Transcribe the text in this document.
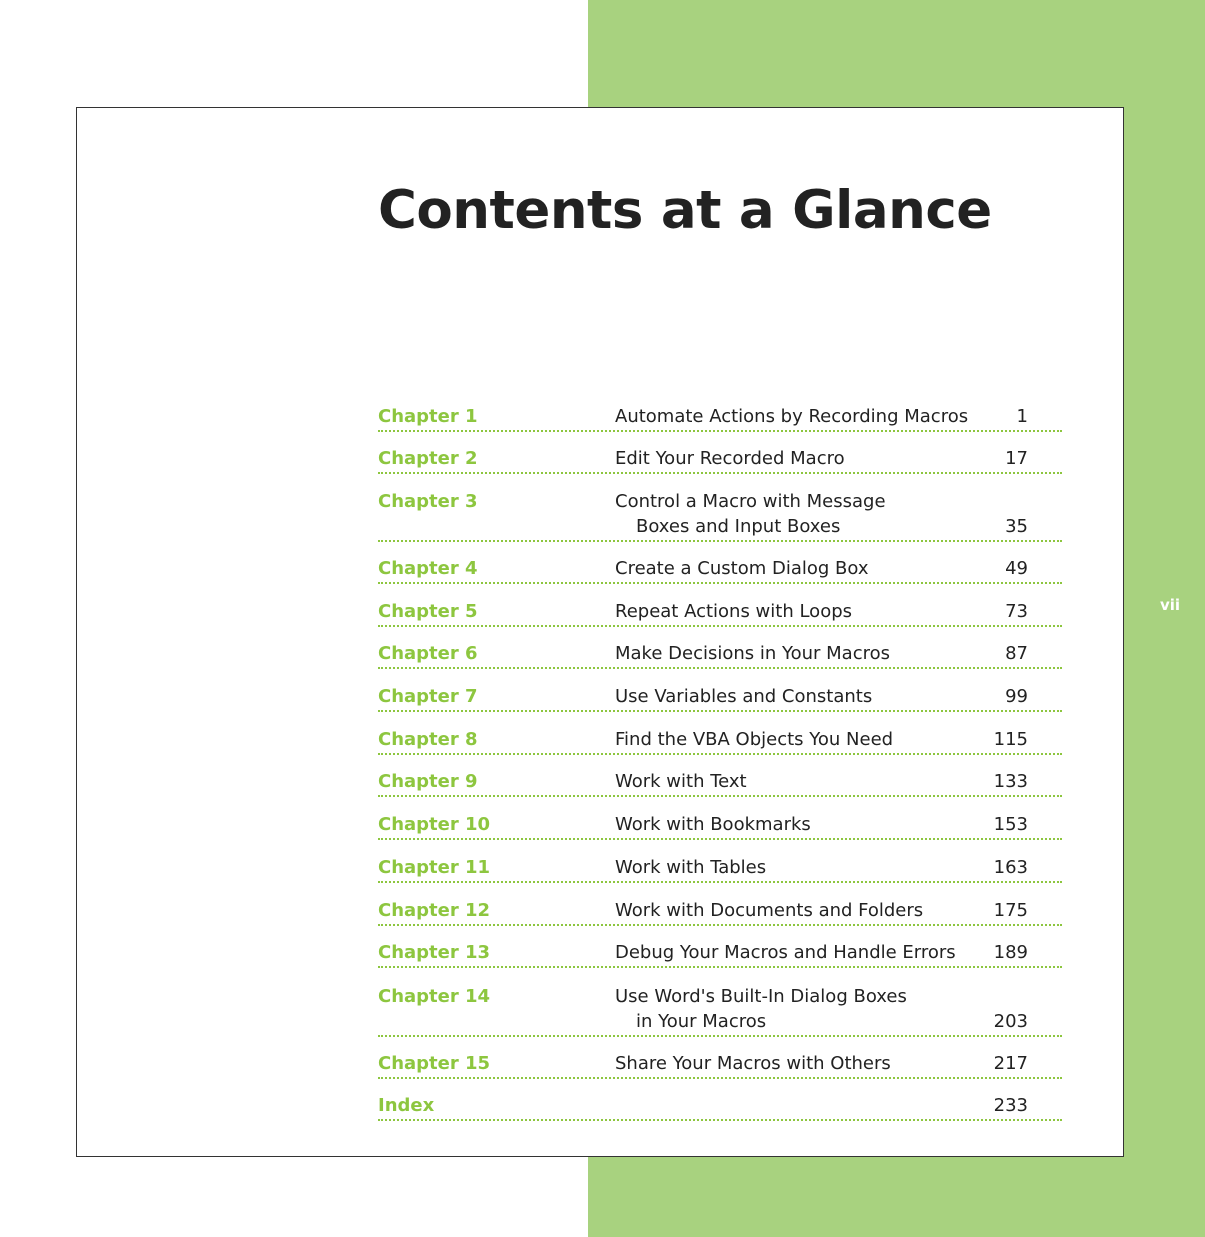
Contents at a Glance
vii
Chapter 1	Automate Actions by Recording Macros	1
Chapter 2	Edit Your Recorded Macro	17
Chapter 3	Control a Macro with Message
Boxes and Input Boxes	35
Chapter 4	Create a Custom Dialog Box	49
Chapter 5	Repeat Actions with Loops	73
Chapter 6	Make Decisions in Your Macros	87
Chapter 7	Use Variables and Constants	99
Chapter 8	Find the VBA Objects You Need	115
Chapter 9	Work with Text	133
Chapter 10	Work with Bookmarks	153
Chapter 11	Work with Tables	163
Chapter 12	Work with Documents and Folders	175
Chapter 13	Debug Your Macros and Handle Errors 189
Chapter 14	Use Word's Built-In Dialog Boxes
in Your Macros	203
Chapter 15	Share Your Macros with Others	217
Index	233
